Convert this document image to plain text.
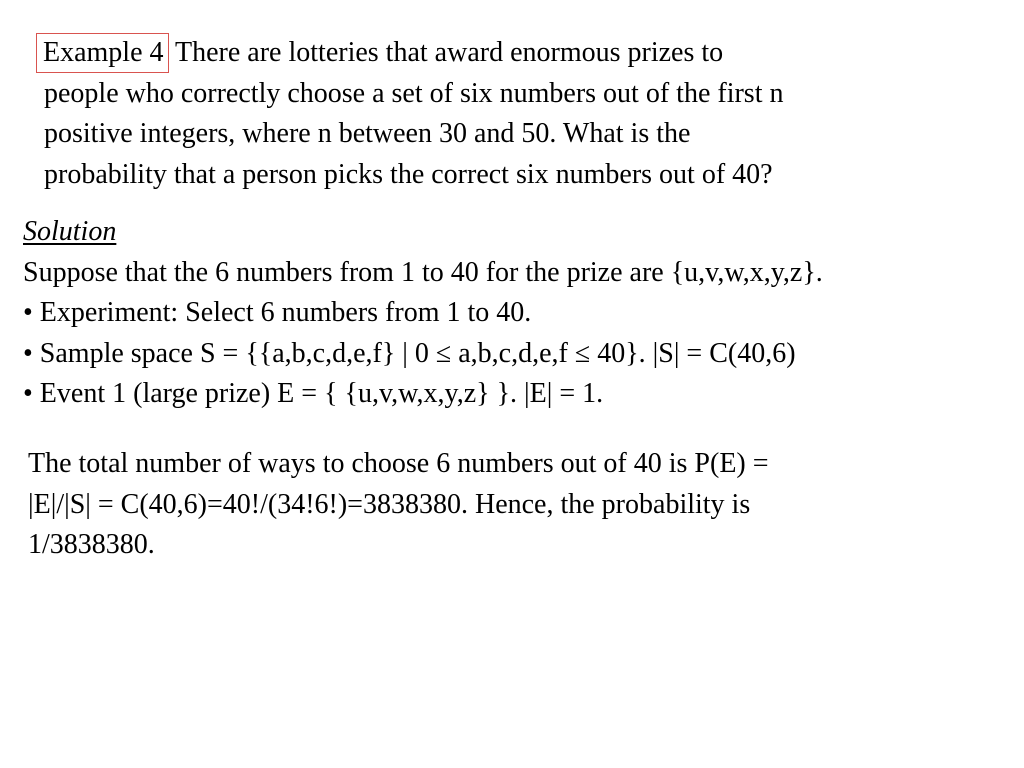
Example 4 There are lotteries that award enormous prizes to
people who correctly choose a set of six numbers out of the first n
positive integers, where n between 30 and 50. What is the
probability that a person picks the correct six numbers out of 40?
Solution
Suppose that the 6 numbers from 1 to 40 for the prize are {u,v,w,x,y,z}.
• Experiment: Select 6 numbers from 1 to 40.
• Sample space S = {{a,b,c,d,e,f} | 0 ≤ a,b,c,d,e,f ≤ 40}. |S| = C(40,6)
• Event 1 (large prize) E = { {u,v,w,x,y,z} }. |E| = 1.
The total number of ways to choose 6 numbers out of 40 is P(E) =
|E|/|S| = C(40,6)=40!/(34!6!)=3838380. Hence, the probability is
1/3838380.
